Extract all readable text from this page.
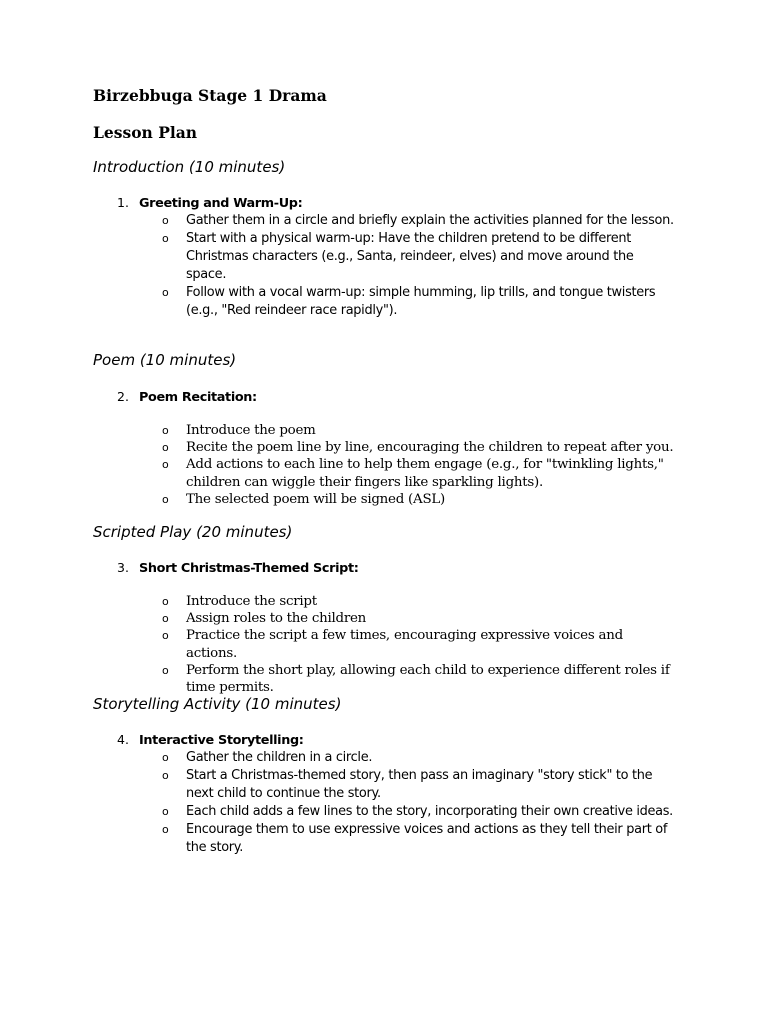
Birzebbuga Stage 1 Drama
Lesson Plan
Introduction (10 minutes)
1. Greeting and Warm-Up:
o Gather them in a circle and briefly explain the activities planned for the lesson.
o Start with a physical warm-up: Have the children pretend to be different Christmas characters (e.g., Santa, reindeer, elves) and move around the space.
o Follow with a vocal warm-up: simple humming, lip trills, and tongue twisters (e.g., "Red reindeer race rapidly").
Poem (10 minutes)
2. Poem Recitation:
o Introduce the poem
o Recite the poem line by line, encouraging the children to repeat after you.
o Add actions to each line to help them engage (e.g., for "twinkling lights," children can wiggle their fingers like sparkling lights).
o The selected poem will be signed (ASL)
Scripted Play (20 minutes)
3. Short Christmas-Themed Script:
o Introduce the script
o Assign roles to the children
o Practice the script a few times, encouraging expressive voices and actions.
o Perform the short play, allowing each child to experience different roles if time permits.
Storytelling Activity (10 minutes)
4. Interactive Storytelling:
o Gather the children in a circle.
o Start a Christmas-themed story, then pass an imaginary "story stick" to the next child to continue the story.
o Each child adds a few lines to the story, incorporating their own creative ideas.
o Encourage them to use expressive voices and actions as they tell their part of the story.
